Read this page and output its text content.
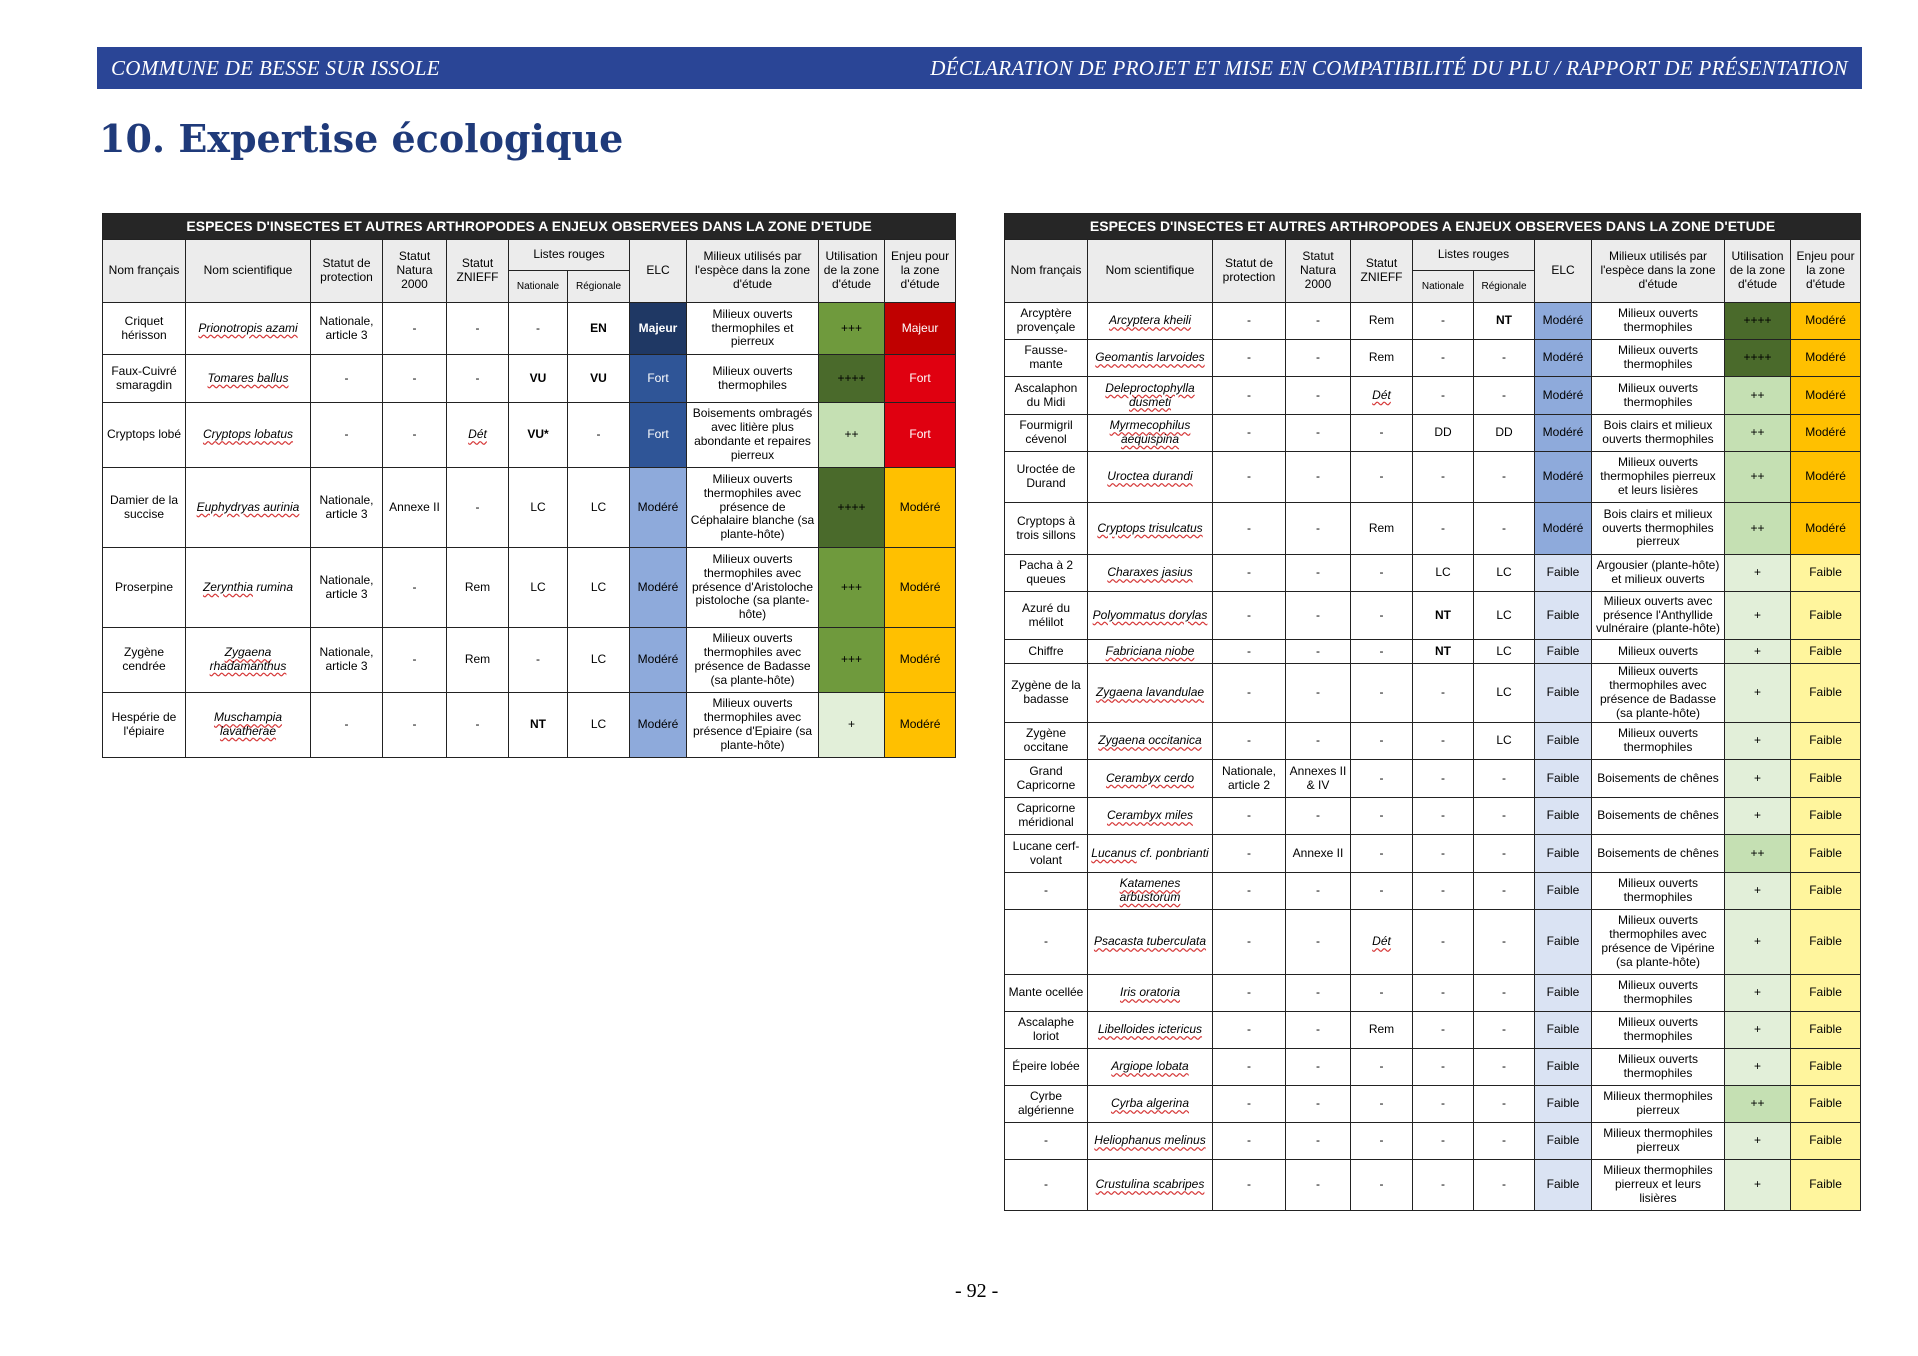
COMMUNE DE BESSE SUR ISSOLE	DÉCLARATION DE PROJET ET MISE EN COMPATIBILITÉ DU PLU / RAPPORT DE PRÉSENTATION
10. Expertise écologique
ESPECES D'INSECTES ET AUTRES ARTHROPODES A ENJEUX OBSERVEES DANS LA ZONE D'ETUDE										
Nom français	Nom scientifique	Statut de protection	Statut Natura 2000	Statut ZNIEFF	Listes rouges		ELC	Milieux utilisés par l'espèce dans la zone d'étude	Utilisation de la zone d'étude	Enjeu pour la zone d'étude
					Nationale	Régionale				
Criquet hérisson	Prionotropis azami	Nationale, article 3	-	-	-	EN	Majeur	Milieux ouverts thermophiles et pierreux	+++	Majeur
Faux-Cuivré smaragdin	Tomares ballus	-	-	-	VU	VU	Fort	Milieux ouverts thermophiles	++++	Fort
Cryptops lobé	Cryptops lobatus	-	-	Dét	VU*	-	Fort	Boisements ombragés avec litière plus abondante et repaires pierreux	++	Fort
Damier de la succise	Euphydryas aurinia	Nationale, article 3	Annexe II	-	LC	LC	Modéré	Milieux ouverts thermophiles avec présence de Céphalaire blanche (sa plante-hôte)	++++	Modéré
Proserpine	Zerynthia rumina	Nationale, article 3	-	Rem	LC	LC	Modéré	Milieux ouverts thermophiles avec présence d'Aristoloche pistoloche (sa plante-hôte)	+++	Modéré
Zygène cendrée	Zygaena rhadamanthus	Nationale, article 3	-	Rem	-	LC	Modéré	Milieux ouverts thermophiles avec présence de Badasse (sa plante-hôte)	+++	Modéré
Hespérie de l'épiaire	Muschampia lavatherae	-	-	-	NT	LC	Modéré	Milieux ouverts thermophiles avec présence d'Epiaire (sa plante-hôte)	+	Modéré
ESPECES D'INSECTES ET AUTRES ARTHROPODES A ENJEUX OBSERVEES DANS LA ZONE D'ETUDE										
Nom français	Nom scientifique	Statut de protection	Statut Natura 2000	Statut ZNIEFF	Listes rouges		ELC	Milieux utilisés par l'espèce dans la zone d'étude	Utilisation de la zone d'étude	Enjeu pour la zone d'étude
					Nationale	Régionale				
Arcyptère provençale	Arcyptera kheili	-	-	Rem	-	NT	Modéré	Milieux ouverts thermophiles	++++	Modéré
Fausse-mante	Geomantis larvoides	-	-	Rem	-	-	Modéré	Milieux ouverts thermophiles	++++	Modéré
Ascalaphon du Midi	Deleproctophylla dusmeti	-	-	Dét	-	-	Modéré	Milieux ouverts thermophiles	++	Modéré
Fourmigril cévenol	Myrmecophilus aequispina	-	-	-	DD	DD	Modéré	Bois clairs et milieux ouverts thermophiles	++	Modéré
Uroctée de Durand	Uroctea durandi	-	-	-	-	-	Modéré	Milieux ouverts thermophiles pierreux et leurs lisières	++	Modéré
Cryptops à trois sillons	Cryptops trisulcatus	-	-	Rem	-	-	Modéré	Bois clairs et milieux ouverts thermophiles pierreux	++	Modéré
Pacha à 2 queues	Charaxes jasius	-	-	-	LC	LC	Faible	Argousier (plante-hôte) et milieux ouverts	+	Faible
Azuré du mélilot	Polyommatus dorylas	-	-	-	NT	LC	Faible	Milieux ouverts avec présence l'Anthyllide vulnéraire (plante-hôte)	+	Faible
Chiffre	Fabriciana niobe	-	-	-	NT	LC	Faible	Milieux ouverts	+	Faible
Zygène de la badasse	Zygaena lavandulae	-	-	-	-	LC	Faible	Milieux ouverts thermophiles avec présence de Badasse (sa plante-hôte)	+	Faible
Zygène occitane	Zygaena occitanica	-	-	-	-	LC	Faible	Milieux ouverts thermophiles	+	Faible
Grand Capricorne	Cerambyx cerdo	Nationale, article 2	Annexes II & IV	-	-	-	Faible	Boisements de chênes	+	Faible
Capricorne méridional	Cerambyx miles	-	-	-	-	-	Faible	Boisements de chênes	+	Faible
Lucane cerf-volant	Lucanus cf. ponbrianti	-	Annexe II	-	-	-	Faible	Boisements de chênes	++	Faible
-	Katamenes arbustorum	-	-	-	-	-	Faible	Milieux ouverts thermophiles	+	Faible
-	Psacasta tuberculata	-	-	Dét	-	-	Faible	Milieux ouverts thermophiles avec présence de Vipérine (sa plante-hôte)	+	Faible
Mante ocellée	Iris oratoria	-	-	-	-	-	Faible	Milieux ouverts thermophiles	+	Faible
Ascalaphe loriot	Libelloides ictericus	-	-	Rem	-	-	Faible	Milieux ouverts thermophiles	+	Faible
Épeire lobée	Argiope lobata	-	-	-	-	-	Faible	Milieux ouverts thermophiles	+	Faible
Cyrbe algérienne	Cyrba algerina	-	-	-	-	-	Faible	Milieux thermophiles pierreux	++	Faible
-	Heliophanus melinus	-	-	-	-	-	Faible	Milieux thermophiles pierreux	+	Faible
-	Crustulina scabripes	-	-	-	-	-	Faible	Milieux thermophiles pierreux et leurs lisières	+	Faible
- 92 -
